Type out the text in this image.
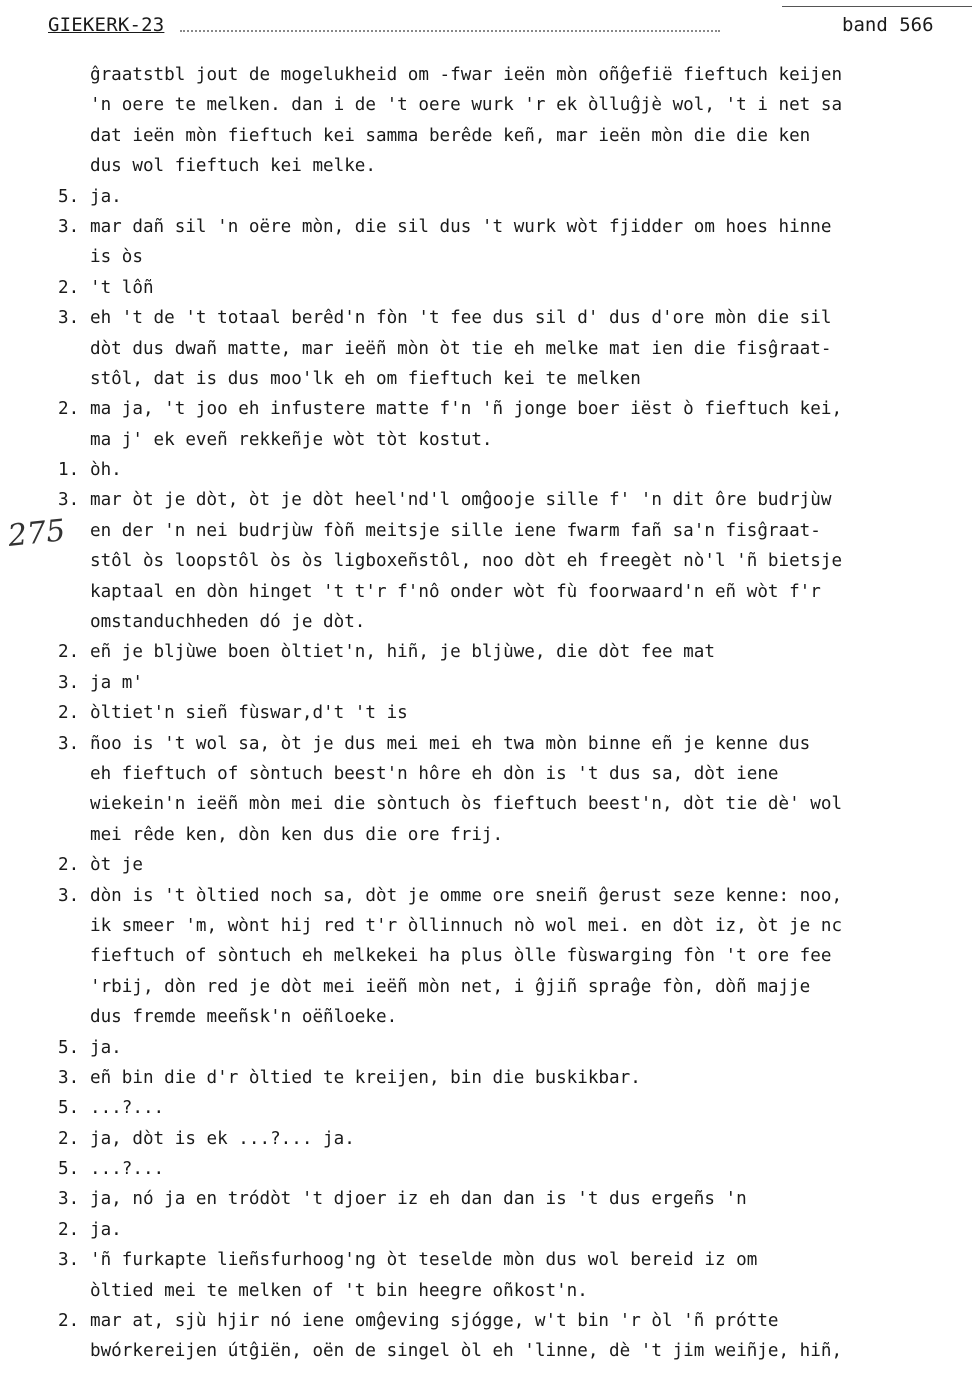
GIEKERK-23	band 566
275
ĝraatstbl jout de mogelukheid om -fwar ieën mòn oñĝefië fieftuch keijen
'n oere te melken. dan i de 't oere wurk 'r ek òlluĝjè wol, 't i net sa
dat ieën mòn fieftuch kei samma berêde keñ, mar ieën mòn die die ken
dus wol fieftuch kei melke.
5. ja.
3. mar dañ sil 'n oëre mòn, die sil dus 't wurk wòt fjidder om hoes hinne
is òs
2. 't lôñ
3. eh 't de 't totaal berêd'n fòn 't fee dus sil d' dus d'ore mòn die sil
dòt dus dwañ matte, mar ieëñ mòn òt tie eh melke mat ien die fisĝraat-
stôl, dat is dus moo'lk eh om fieftuch kei te melken
2. ma ja, 't joo eh infustere matte f'n 'ñ jonge boer iëst ò fieftuch kei,
ma j' ek eveñ rekkeñje wòt tòt kostut.
1. òh.
3. mar òt je dòt, òt je dòt heel'nd'l omĝooje sille f' 'n dit ôre budrjùw
en der 'n nei budrjùw fòñ meitsje sille iene fwarm fañ sa'n fisĝraat-
stôl òs loopstôl òs òs ligboxeñstôl, noo dòt eh freegèt nò'l 'ñ bietsje
kaptaal en dòn hinget 't t'r f'nô onder wòt fù foorwaard'n eñ wòt f'r
omstanduchheden dó je dòt.
2. eñ je bljùwe boen òltiet'n, hiñ, je bljùwe, die dòt fee mat
3. ja m'
2. òltiet'n sieñ fùswar,d't 't is
3. ñoo is 't wol sa, òt je dus mei mei eh twa mòn binne eñ je kenne dus
eh fieftuch of sòntuch beest'n hôre eh dòn is 't dus sa, dòt iene
wiekein'n ieëñ mòn mei die sòntuch òs fieftuch beest'n, dòt tie dè' wol
mei rêde ken, dòn ken dus die ore frij.
2. òt je
3. dòn is 't òltied noch sa, dòt je omme ore sneiñ ĝerust seze kenne: noo,
ik smeer 'm, wònt hij red t'r òllinnuch nò wol mei. en dòt iz, òt je nc
fieftuch of sòntuch eh melkekei ha plus òlle fùswarging fòn 't ore fee
'rbij, dòn red je dòt mei ieëñ mòn net, i ĝjiñ spraĝe fòn, dòñ majje
dus fremde meeñsk'n oëñloeke.
5. ja.
3. eñ bin die d'r òltied te kreijen, bin die buskikbar.
5. ...?...
2. ja, dòt is ek ...?... ja.
5. ...?...
3. ja, nó ja en tródòt 't djoer iz eh dan dan is 't dus ergeñs 'n
2. ja.
3. 'ñ furkapte lieñsfurhoog'ng òt teselde mòn dus wol bereid iz om
òltied mei te melken of 't bin heegre oñkost'n.
2. mar at, sjù hjir nó iene omĝeving sjógge, w't bin 'r òl 'ñ prótte
bwórkereijen útĝiën, oën de singel òl eh 'linne, dè 't jim weiñje, hiñ,
